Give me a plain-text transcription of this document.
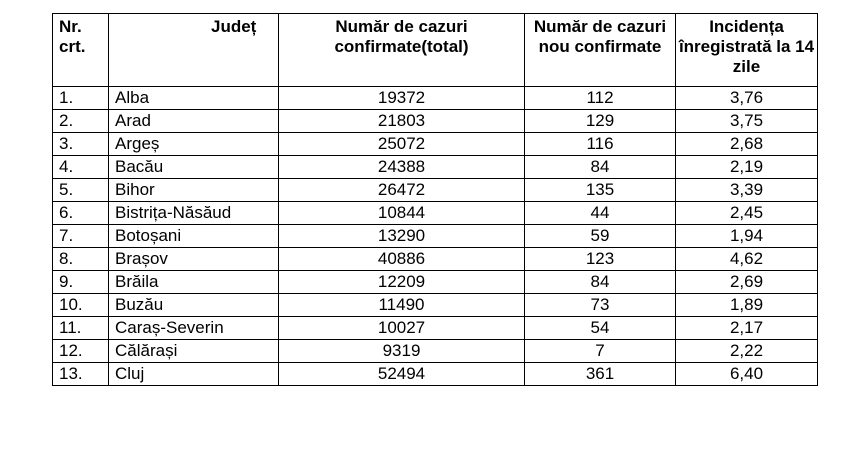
Nr. crt.	Județ	Număr de cazuri confirmate(total)	Număr de cazuri nou confirmate	Incidența înregistrată la 14 zile
1.	Alba	19372	112	3,76
2.	Arad	21803	129	3,75
3.	Argeș	25072	116	2,68
4.	Bacău	24388	84	2,19
5.	Bihor	26472	135	3,39
6.	Bistrița-Năsăud	10844	44	2,45
7.	Botoșani	13290	59	1,94
8.	Brașov	40886	123	4,62
9.	Brăila	12209	84	2,69
10.	Buzău	11490	73	1,89
11.	Caraș-Severin	10027	54	2,17
12.	Călărași	9319	7	2,22
13.	Cluj	52494	361	6,40
